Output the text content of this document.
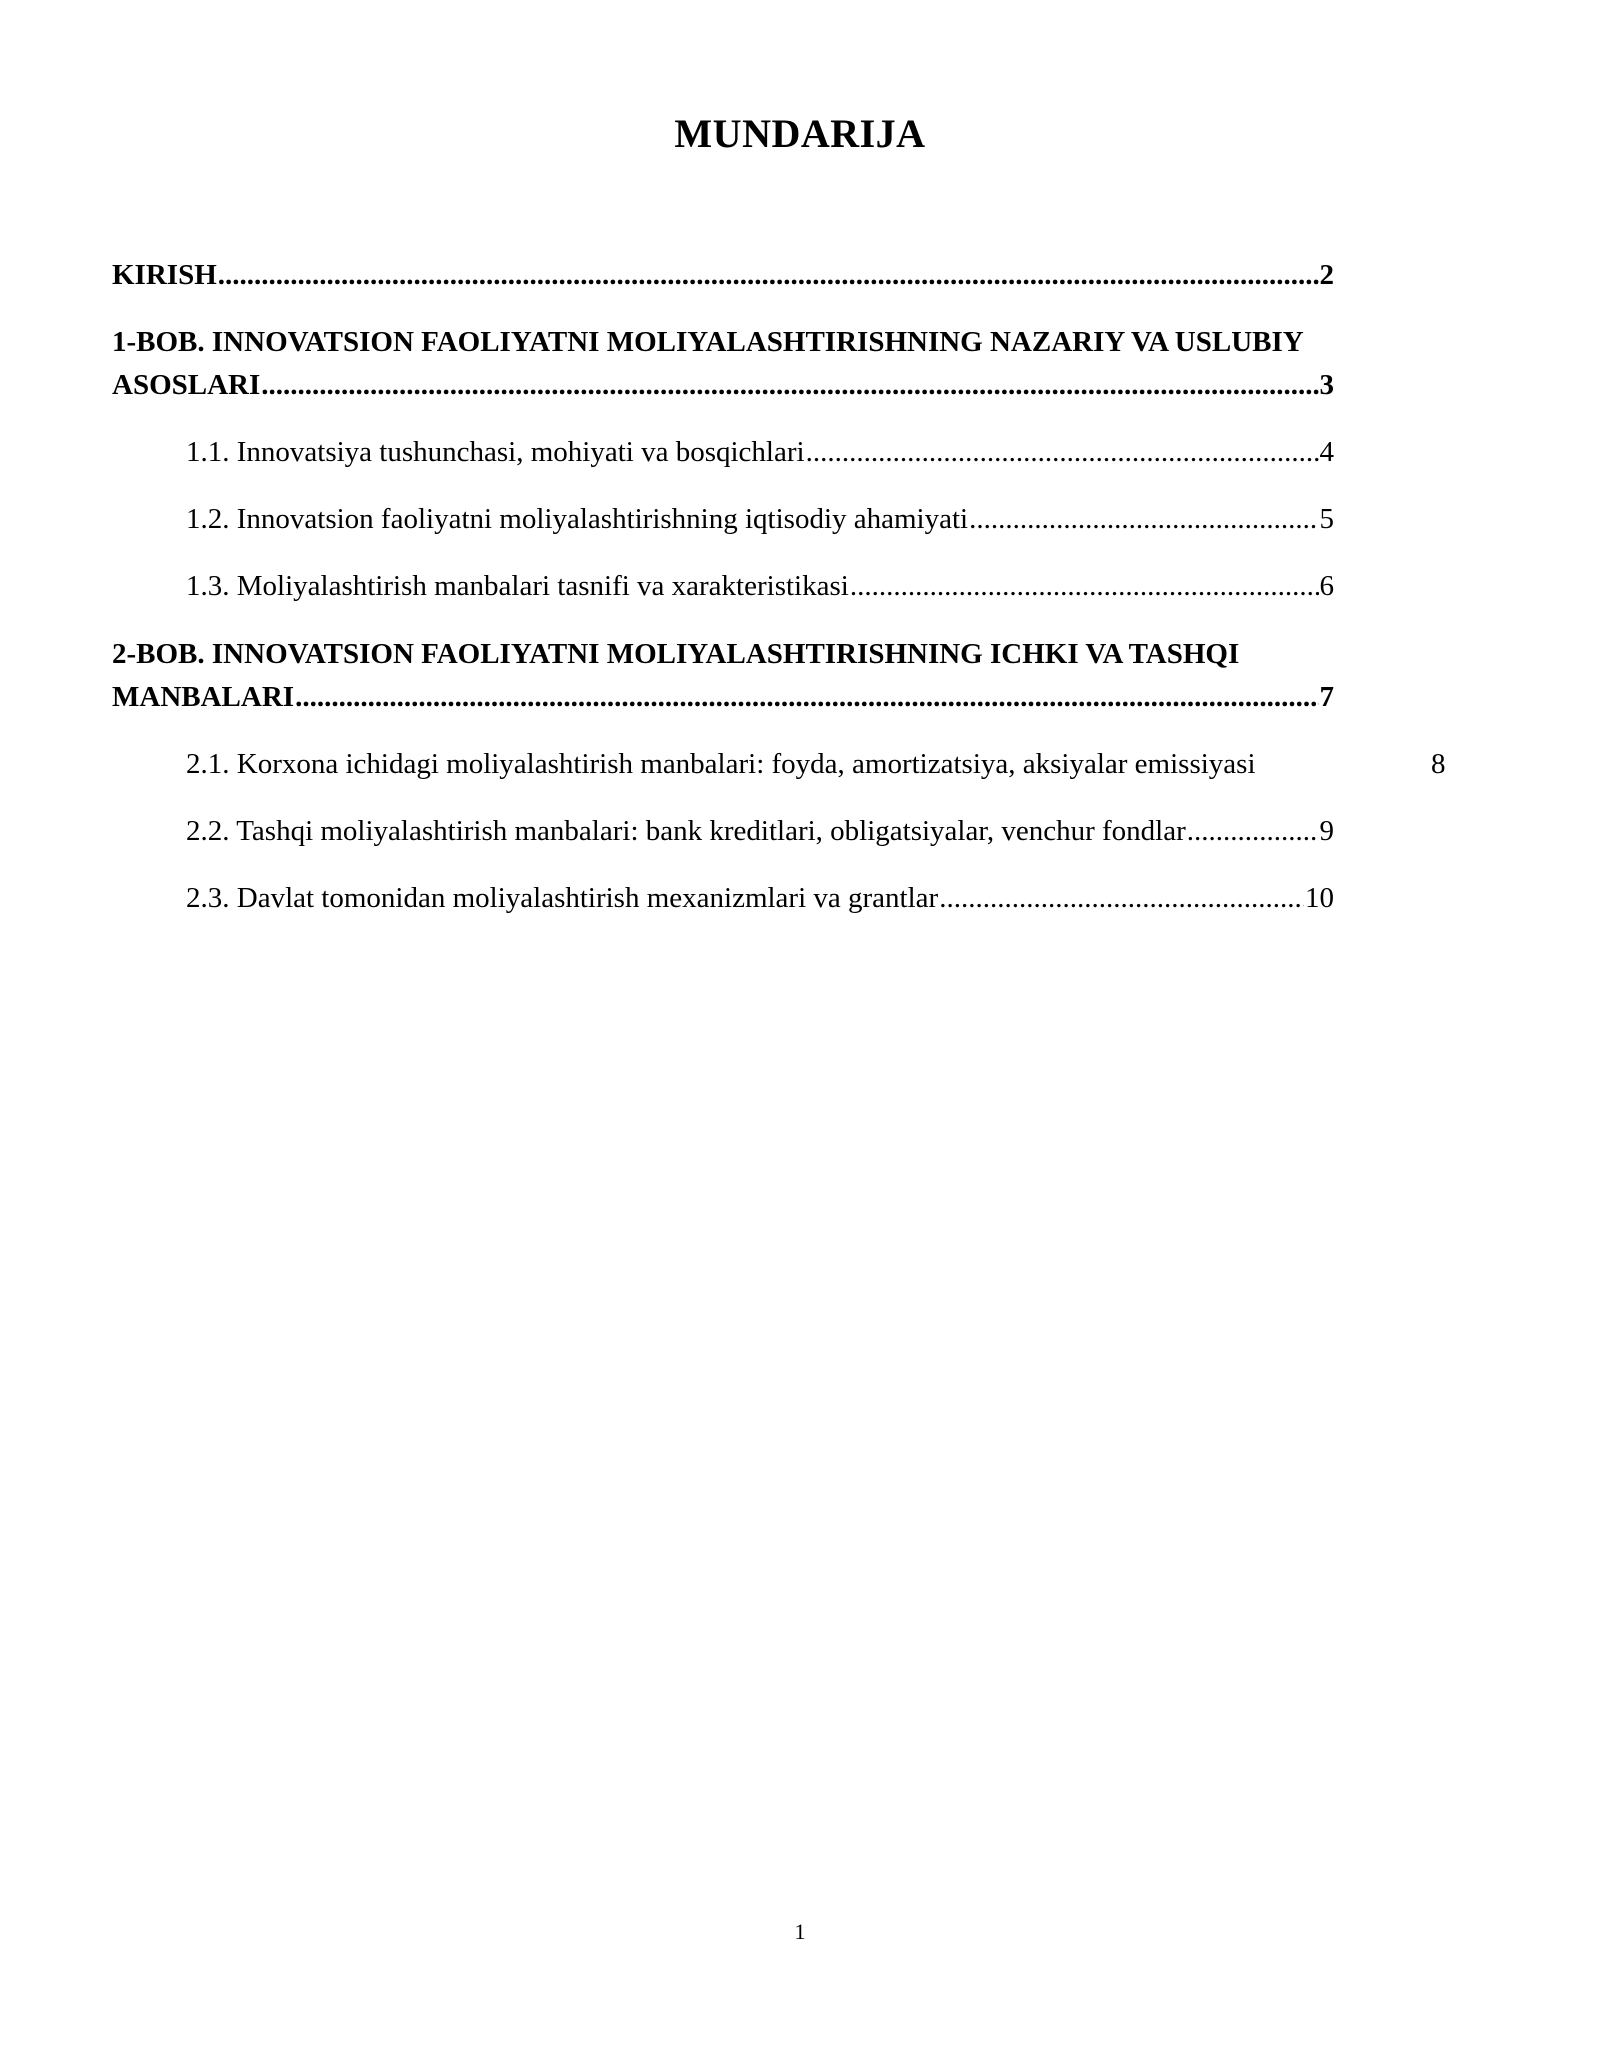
MUNDARIJA
KIRISH .....	2
1-BOB. INNOVATSION FAOLIYATNI MOLIYALASHTIRISHNING NAZARIY VA USLUBIY
ASOSLARI .....	3
1.1. Innovatsiya tushunchasi, mohiyati va bosqichlari .....	4
1.2. Innovatsion faoliyatni moliyalashtirishning iqtisodiy ahamiyati .....	5
1.3. Moliyalashtirish manbalari tasnifi va xarakteristikasi .....	6
2-BOB. INNOVATSION FAOLIYATNI MOLIYALASHTIRISHNING ICHKI VA TASHQI
MANBALARI .....	7
2.1. Korxona ichidagi moliyalashtirish manbalari: foyda, amortizatsiya, aksiyalar emissiyasi	8
2.2. Tashqi moliyalashtirish manbalari: bank kreditlari, obligatsiyalar, venchur fondlar .....	9
2.3. Davlat tomonidan moliyalashtirish mexanizmlari va grantlar .....	10
1
